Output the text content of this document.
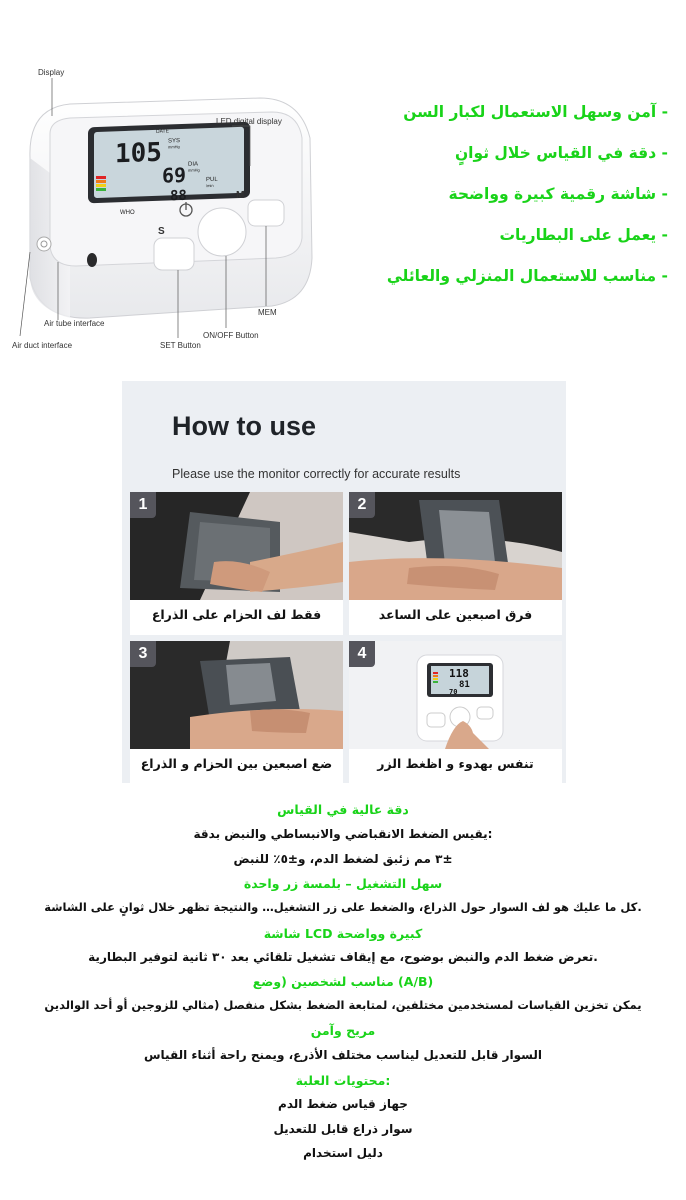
105
69
88
DATE
SYS
mmHg
DIA
mmHg
PUL
/min
WHO
S
M
Display
LED digital display
Air tube interface
Air duct interface	SET Button
ON/OFF Button
MEM
- آمن وسهل الاستعمال لكبار السن
- دقة في القياس خلال ثوانٍ
- شاشة رقمية كبيرة وواضحة
- يعمل على البطاريات
- مناسب للاستعمال المنزلي والعائلي
How to use
Please use the monitor correctly for accurate results
1
فقط لف الحزام على الذراع
2
فرق اصبعين على الساعد
3
ضع اصبعين بين الحزام و الذراع
118
81
70
4
تنفس بهدوء و اظغط الزر
دقة عالية في القياس
:يقيس الضغط الانقباضي والانبساطي والنبض بدقة
±٣ مم زئبق لضغط الدم، و±٥٪ للنبض
سهل التشغيل – بلمسة زر واحدة
.كل ما عليك هو لف السوار حول الذراع، والضغط على زر التشغيل… والنتيجة تظهر خلال ثوانٍ على الشاشة
كبيرة وواضحة LCD شاشة
.تعرض ضغط الدم والنبض بوضوح، مع إيقاف تشغيل تلقائي بعد ٣٠ ثانية لتوفير البطارية
(A/B) مناسب لشخصين (وضع
يمكن تخزين القياسات لمستخدمين مختلفين، لمتابعة الضغط بشكل منفصل (مثالي للزوجين أو أحد الوالدين
مريح وآمن
السوار قابل للتعديل ليناسب مختلف الأذرع، ويمنح راحة أثناء القياس
:محتويات العلبة
جهاز قياس ضغط الدم
سوار ذراع قابل للتعديل
دليل استخدام
